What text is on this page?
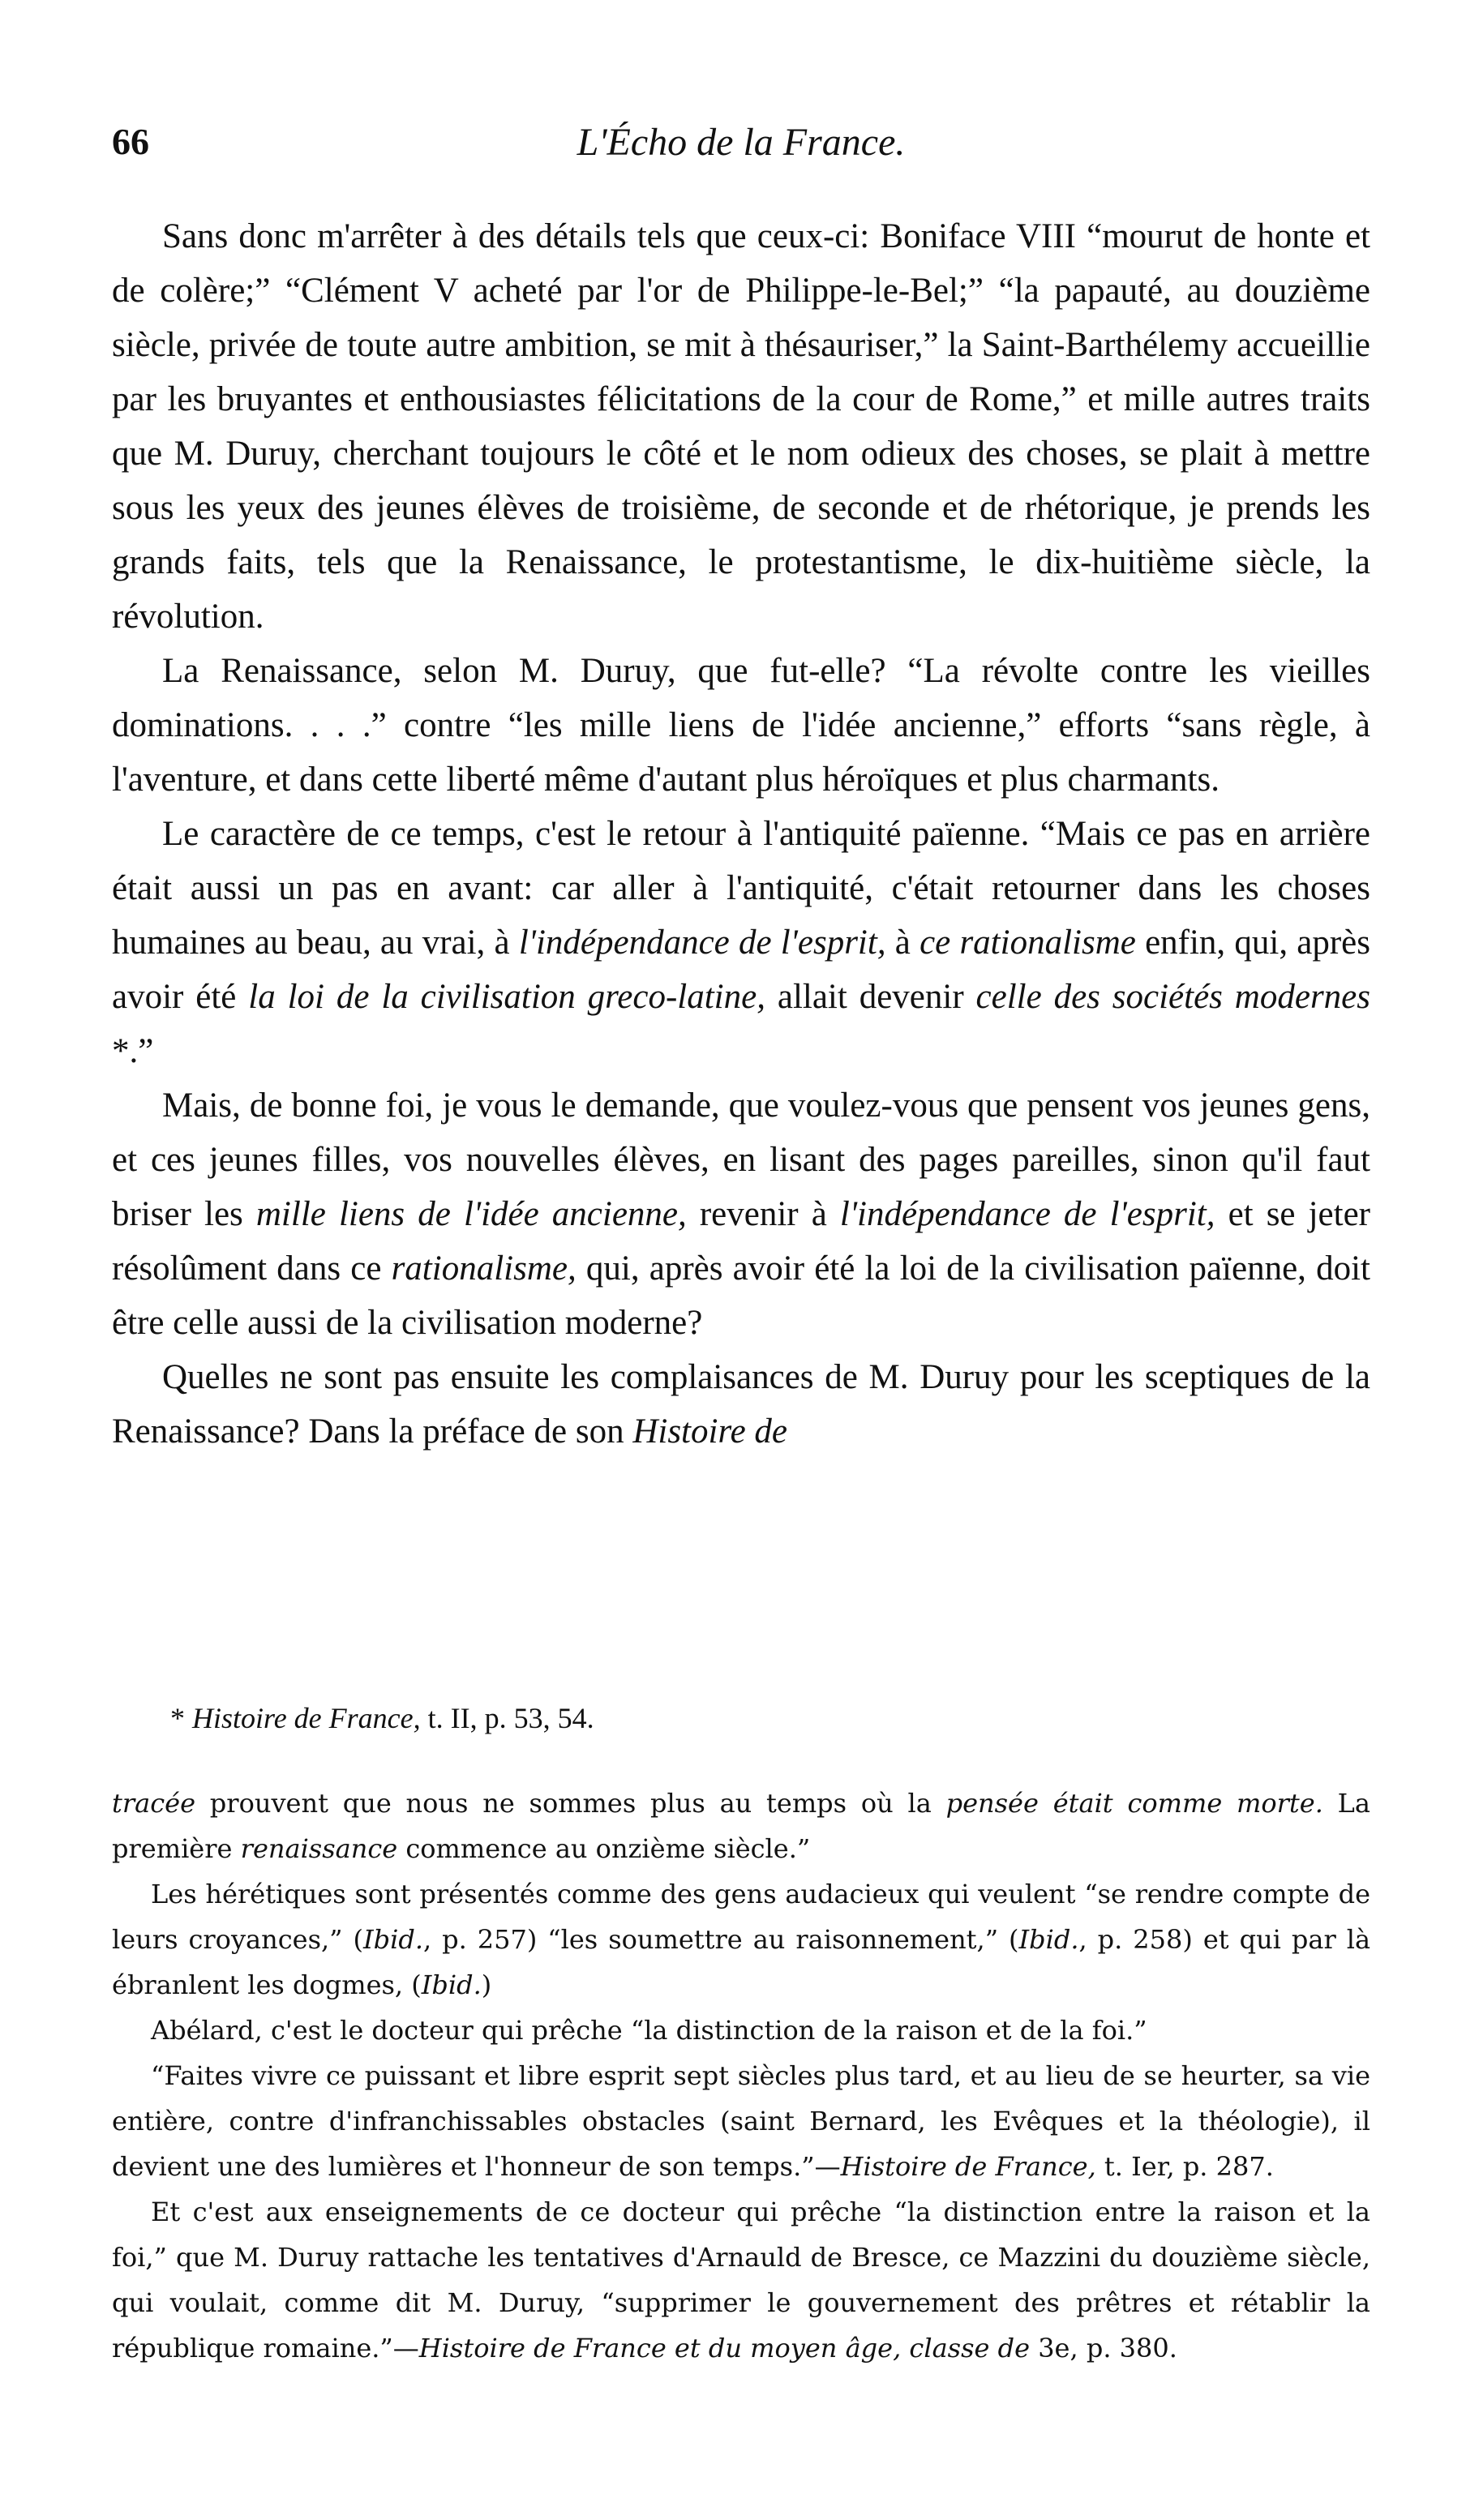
66	L'Écho de la France.

Sans donc m'arrêter à des détails tels que ceux-ci: Boniface VIII “mourut de honte et de colère;” “Clément V acheté par l'or de Philippe-le-Bel;” “la papauté, au douzième siècle, privée de toute autre ambition, se mit à thésauriser,” la Saint-Barthélemy accueillie par les bruyantes et enthousiastes félicitations de la cour de Rome,” et mille autres traits que M. Duruy, cherchant toujours le côté et le nom odieux des choses, se plait à mettre sous les yeux des jeunes élèves de troisième, de seconde et de rhétorique, je prends les grands faits, tels que la Renaissance, le protestantisme, le dix-huitième siècle, la révolution.

La Renaissance, selon M. Duruy, que fut-elle? “La révolte contre les vieilles dominations. . . .” contre “les mille liens de l'idée ancienne,” efforts “sans règle, à l'aventure, et dans cette liberté même d'autant plus héroïques et plus charmants.

Le caractère de ce temps, c'est le retour à l'antiquité païenne. “Mais ce pas en arrière était aussi un pas en avant: car aller à l'antiquité, c'était retourner dans les choses humaines au beau, au vrai, à l'indépendance de l'esprit, à ce rationalisme enfin, qui, après avoir été la loi de la civilisation greco-latine, allait devenir celle des sociétés modernes *.”

Mais, de bonne foi, je vous le demande, que voulez-vous que pensent vos jeunes gens, et ces jeunes filles, vos nouvelles élèves, en lisant des pages pareilles, sinon qu'il faut briser les mille liens de l'idée ancienne, revenir à l'indépendance de l'esprit, et se jeter résolûment dans ce rationalisme, qui, après avoir été la loi de la civilisation païenne, doit être celle aussi de la civilisation moderne?

Quelles ne sont pas ensuite les complaisances de M. Duruy pour les sceptiques de la Renaissance? Dans la préface de son Histoire de

* Histoire de France, t. II, p. 53, 54.

tracée prouvent que nous ne sommes plus au temps où la pensée était comme morte. La première renaissance commence au onzième siècle.”

Les hérétiques sont présentés comme des gens audacieux qui veulent “se rendre compte de leurs croyances,” (Ibid., p. 257) “les soumettre au raisonnement,” (Ibid., p. 258) et qui par là ébranlent les dogmes, (Ibid.)

Abélard, c'est le docteur qui prêche “la distinction de la raison et de la foi.”

“Faites vivre ce puissant et libre esprit sept siècles plus tard, et au lieu de se heurter, sa vie entière, contre d'infranchissables obstacles (saint Bernard, les Evêques et la théologie), il devient une des lumières et l'honneur de son temps.”—Histoire de France, t. Ier, p. 287.

Et c'est aux enseignements de ce docteur qui prêche “la distinction entre la raison et la foi,” que M. Duruy rattache les tentatives d'Arnauld de Bresce, ce Mazzini du douzième siècle, qui voulait, comme dit M. Duruy, “supprimer le gouvernement des prêtres et rétablir la république romaine.”—Histoire de France et du moyen âge, classe de 3e, p. 380.
